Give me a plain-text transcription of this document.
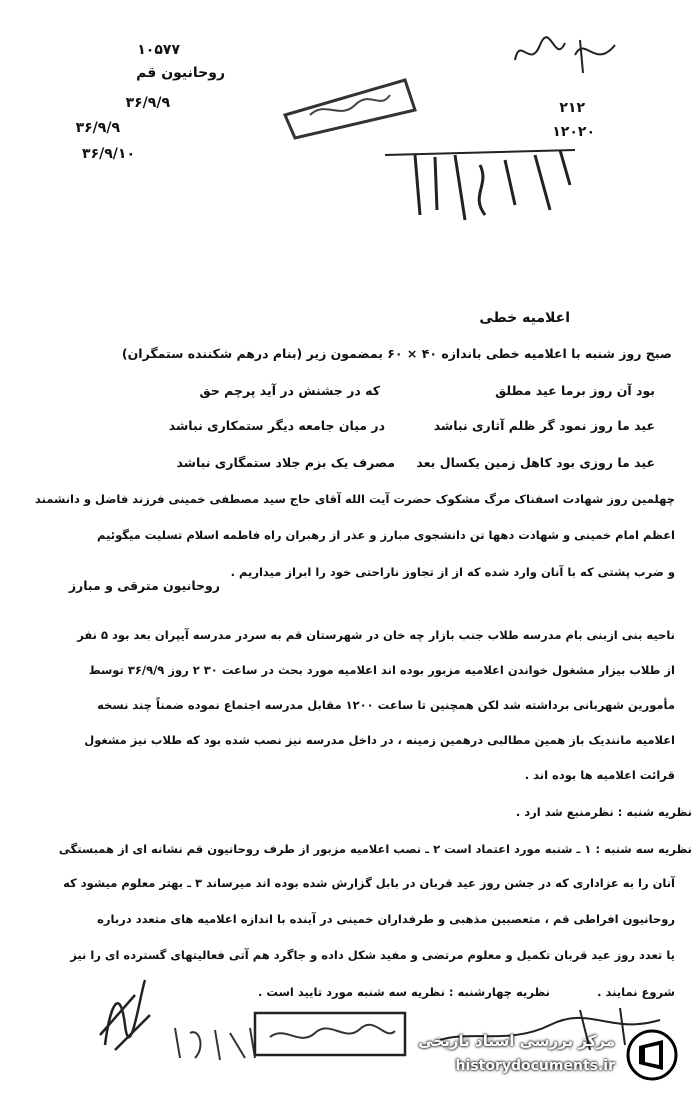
۱۰۵۷۷
روحانیون قم
۳۶/۹/۹
۳۶/۹/۹
۳۶/۹/۱۰
۲۱۲
۱۲۰۲۰
اعلامیه خطی
صبح روز شنبه با اعلامیه خطی باندازه ۴۰ × ۶۰ بمضمون زیر (بنام درهم شکننده ستمگران)
بود آن روز برما عید مطلق
که در جشنش در آید پرچم حق
عید ما روز نمود گر ظلم آثاری نباشد
در میان جامعه دیگر ستمکاری نباشد
عید ما روزی بود کاهل زمین یکسال بعد
مصرف یک بزم جلاد ستمگاری نباشد
چهلمین روز شهادت اسفناک مرگ مشکوک حضرت آیت الله آقای حاج سید مصطفی خمینی فرزند فاضل و دانشمند
اعظم امام خمینی و شهادت دهها تن دانشجوی مبارز و عذر از رهبران راه فاطمه اسلام تسلیت میگوئیم
و ضرب پشتی که با آنان وارد شده که از از تجاوز ناراحتی خود را ابراز میداریم .
روحانیون مترقی و مبارز
ناحیه بنی ازبنی بام مدرسه طلاب جنب بازار چه خان در شهرستان قم به سردر مدرسه آیپران بعد بود ۵ نفر
از طلاب بیزار مشغول خواندن اعلامیه مزبور بوده اند اعلامیه مورد بحث در ساعت ۳۰ ۲ روز ۳۶/۹/۹ توسط
مأمورین شهربانی برداشته شد لکن همچنین تا ساعت ۱۲۰۰ مقابل مدرسه اجتماع نموده ضمناً چند نسخه
اعلامیه مانندیک باز همین مطالبی درهمین زمینه ، در داخل مدرسه نیز نصب شده بود که طلاب نیز مشغول
قرائت اعلامیه ها بوده اند .
نظریه شنبه : نظرمنبع شد ارد .
نظریه سه شنبه : ۱ ـ شنبه مورد اعتماد است ۲ ـ نصب اعلامیه مزبور از طرف روحانیون قم نشانه ای از همبستگی
آنان را به عزاداری که در جشن روز عید قربان در بابل گزارش شده بوده اند میرساند ۳ ـ بهتر معلوم میشود که
روحانیون افراطی قم ، متعصبین مذهبی و طرفداران خمینی در آینده با اندازه اعلامیه های متعدد درباره
یا تعدد روز عید قربان تکمیل و معلوم مرتضی و مفید شکل داده و جاگرد هم آتی فعالیتهای گسترده ای را نیز
شروع نمایند .
نظریه چهارشنبه : نظریه سه شنبه مورد تایید است .
مرکز بررسی اسناد تاریخی
historydocuments.ir
